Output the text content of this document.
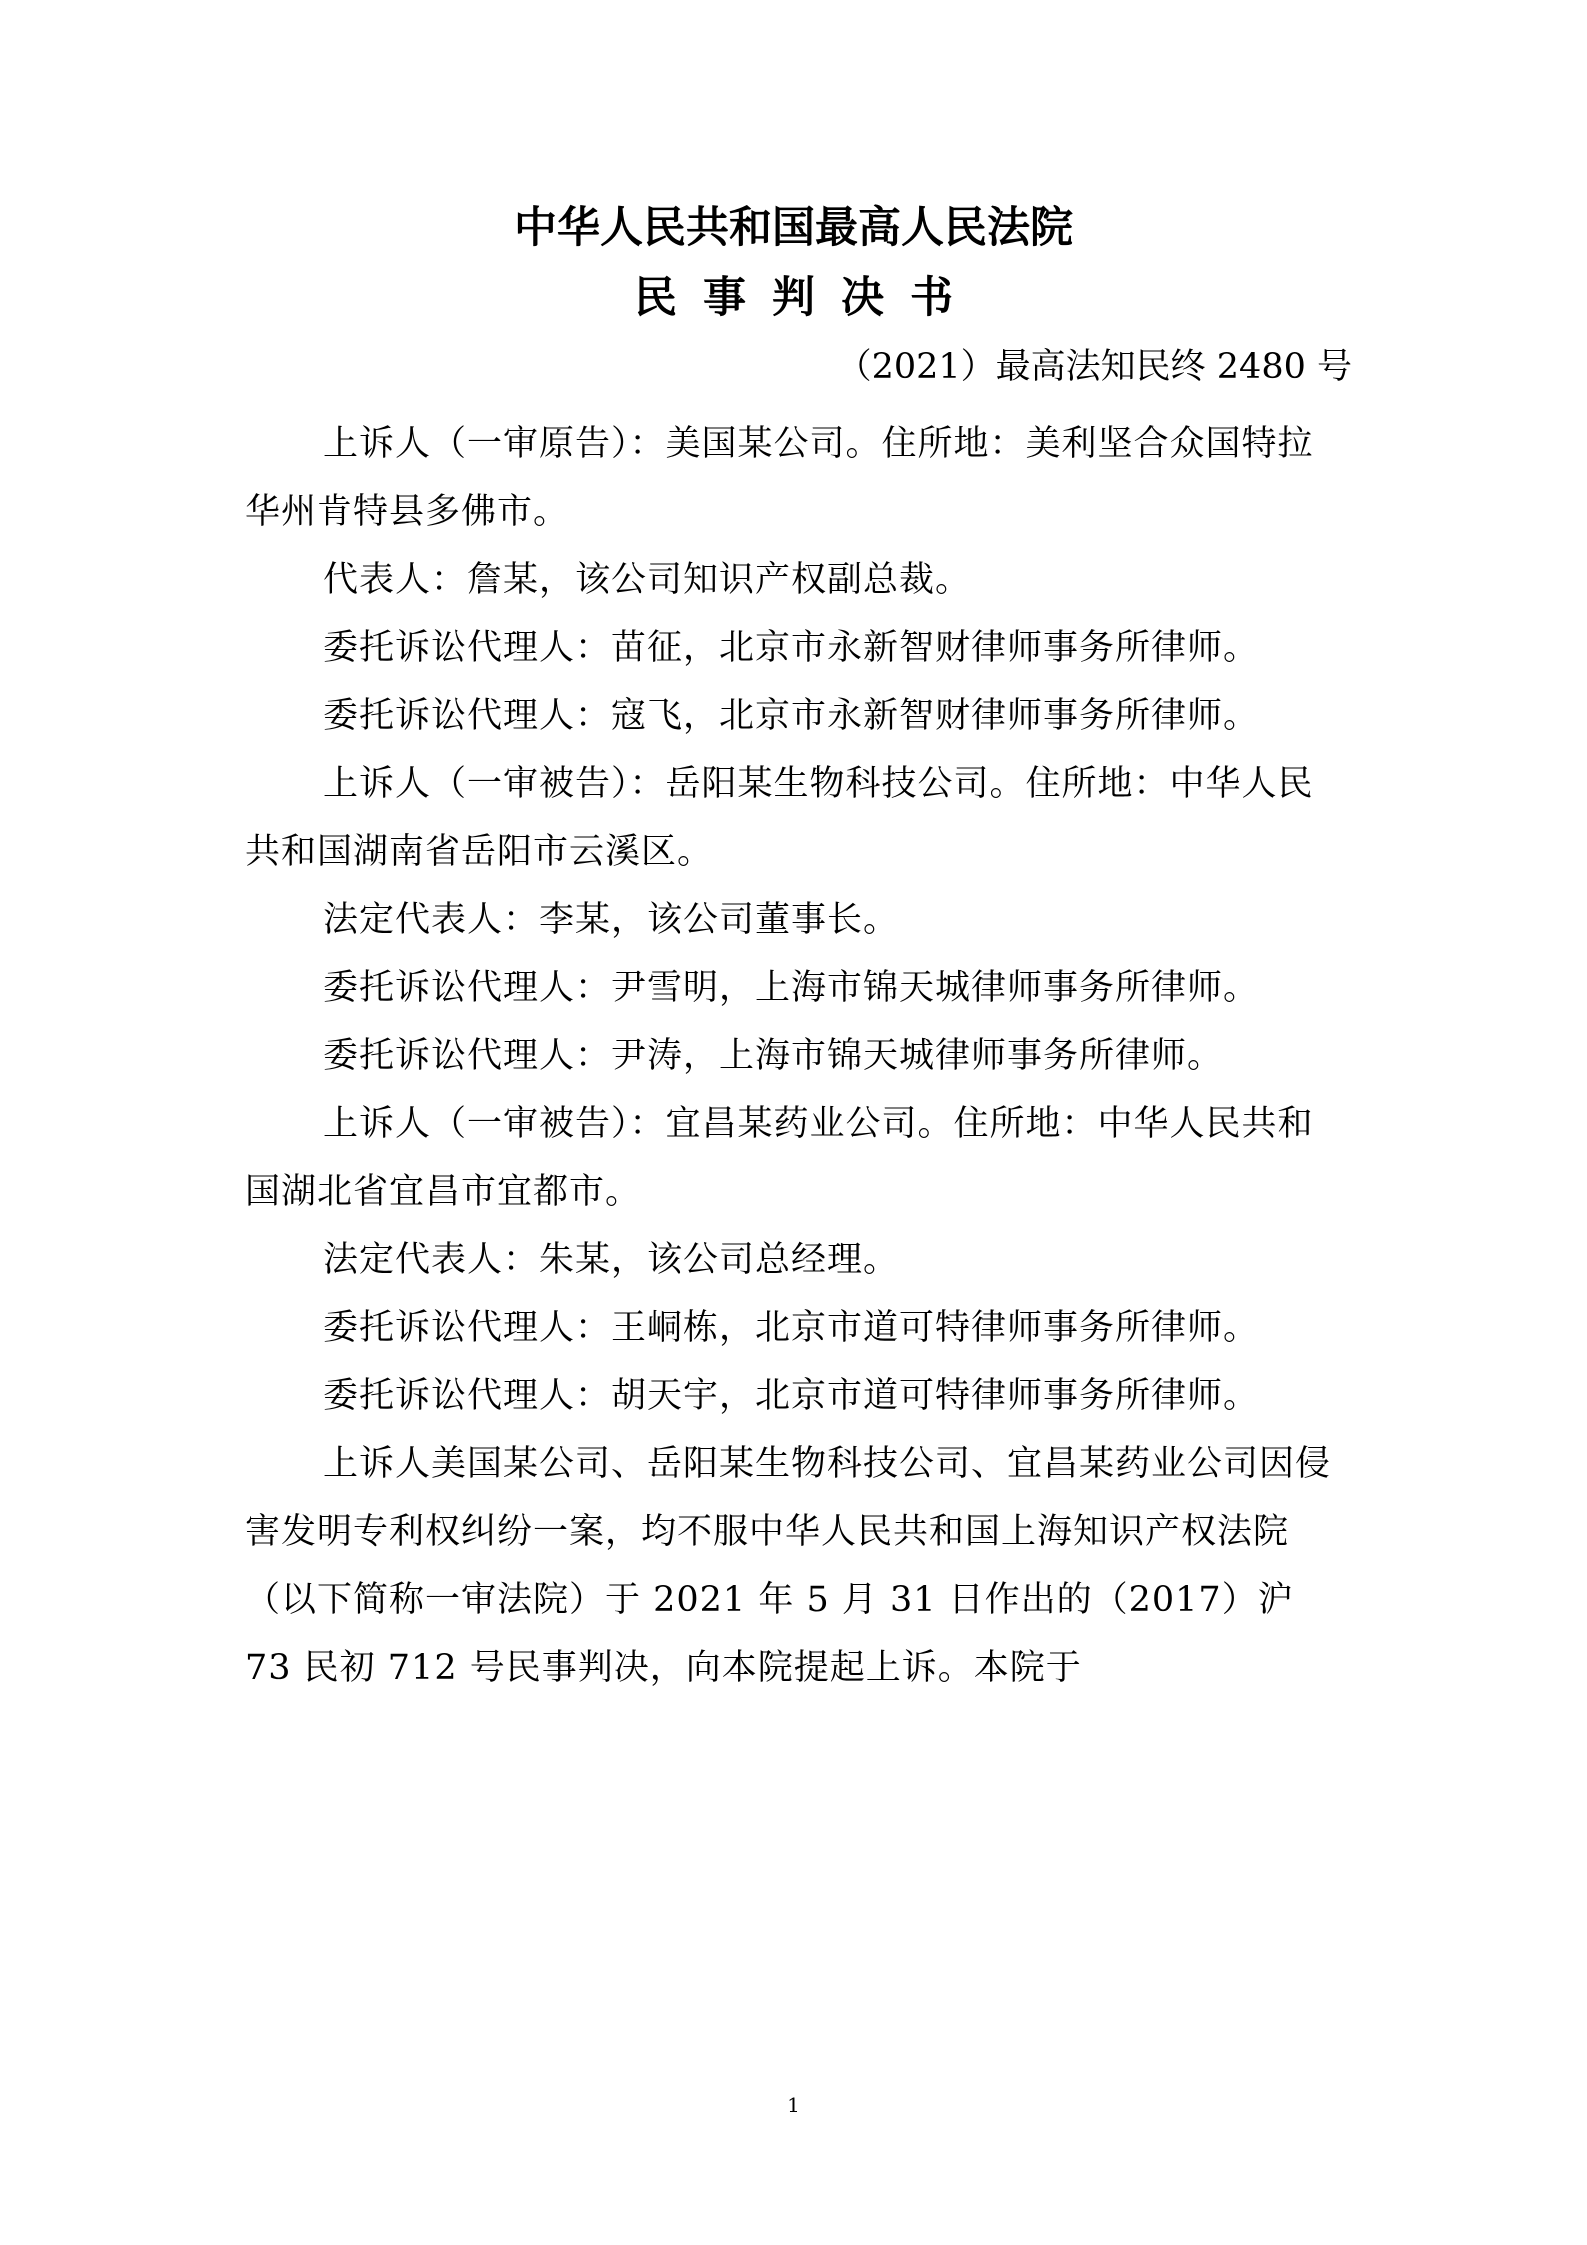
中华人民共和国最高人民法院
民事判决书

（2021）最高法知民终 2480 号

上诉人（一审原告）：美国某公司。住所地：美利坚合众国特拉华州肯特县多佛市。

代表人：詹某，该公司知识产权副总裁。

委托诉讼代理人：苗征，北京市永新智财律师事务所律师。

委托诉讼代理人：寇飞，北京市永新智财律师事务所律师。

上诉人（一审被告）：岳阳某生物科技公司。住所地：中华人民共和国湖南省岳阳市云溪区。

法定代表人：李某，该公司董事长。

委托诉讼代理人：尹雪明，上海市锦天城律师事务所律师。

委托诉讼代理人：尹涛，上海市锦天城律师事务所律师。

上诉人（一审被告）：宜昌某药业公司。住所地：中华人民共和国湖北省宜昌市宜都市。

法定代表人：朱某，该公司总经理。

委托诉讼代理人：王峒栋，北京市道可特律师事务所律师。

委托诉讼代理人：胡天宇，北京市道可特律师事务所律师。

上诉人美国某公司、岳阳某生物科技公司、宜昌某药业公司因侵害发明专利权纠纷一案，均不服中华人民共和国上海知识产权法院（以下简称一审法院）于 2021 年 5 月 31 日作出的（2017）沪 73 民初 712 号民事判决，向本院提起上诉。本院于

1
